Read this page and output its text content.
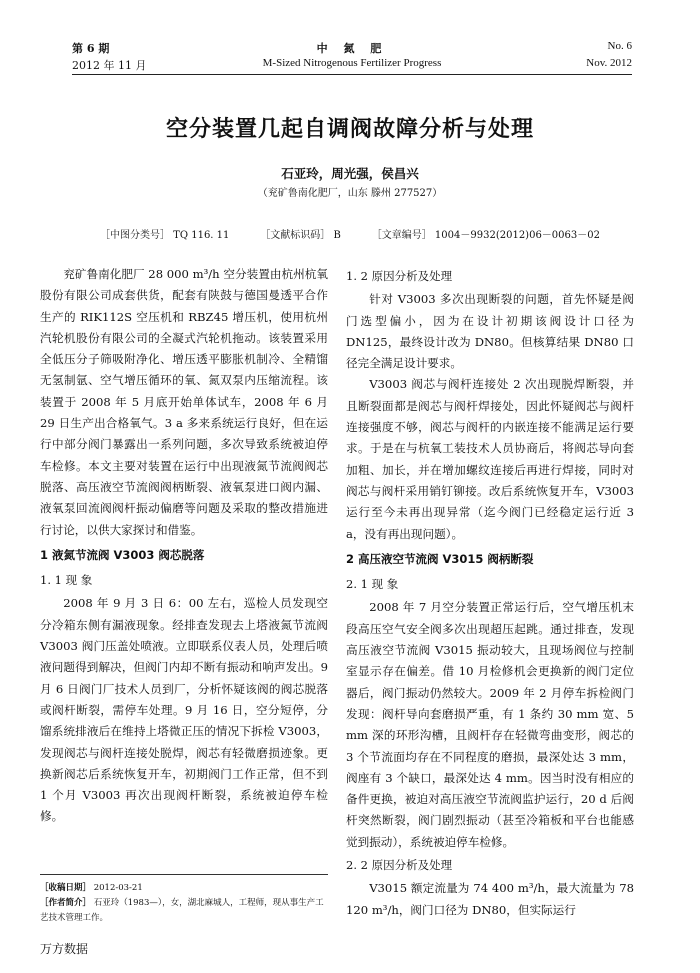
第 6 期
2012 年 11 月
中 氮 肥
M-Sized Nitrogenous Fertilizer Progress
No. 6
Nov. 2012
空分装置几起自调阀故障分析与处理
石亚玲，周光强，侯昌兴
（兖矿鲁南化肥厂，山东 滕州 277527）
［中图分类号］ TQ 116. 11	［文献标识码］ B	［文章编号］ 1004－9932(2012)06－0063－02

兖矿鲁南化肥厂 28 000 m³/h 空分装置由杭州杭氧股份有限公司成套供货，配套有陕鼓与德国曼透平合作生产的 RIK112S 空压机和 RBZ45 增压机，使用杭州汽轮机股份有限公司的全凝式汽轮机拖动。该装置采用全低压分子筛吸附净化、增压透平膨胀机制冷、全精馏无氢制氩、空气增压循环的氧、氮双泵内压缩流程。该装置于 2008 年 5 月底开始单体试车，2008 年 6 月 29 日生产出合格氧气。3 a 多来系统运行良好，但在运行中部分阀门暴露出一系列问题，多次导致系统被迫停车检修。本文主要对装置在运行中出现液氮节流阀阀芯脱落、高压液空节流阀阀柄断裂、液氧泵进口阀内漏、液氧泵回流阀阀杆振动偏磨等问题及采取的整改措施进行讨论，以供大家探讨和借鉴。

1 液氮节流阀 V3003 阀芯脱落
1. 1 现 象

2008 年 9 月 3 日 6：00 左右，巡检人员发现空分冷箱东侧有漏液现象。经排查发现去上塔液氮节流阀 V3003 阀门压盖处喷液。立即联系仪表人员，处理后喷液问题得到解决，但阀门内却不断有振动和响声发出。9 月 6 日阀门厂技术人员到厂，分析怀疑该阀的阀芯脱落或阀杆断裂，需停车处理。9 月 16 日，空分短停，分馏系统排液后在维持上塔微正压的情况下拆检 V3003，发现阀芯与阀杆连接处脱焊，阀芯有轻微磨损迹象。更换新阀芯后系统恢复开车，初期阀门工作正常，但不到 1 个月 V3003 再次出现阀杆断裂，系统被迫停车检修。

1. 2 原因分析及处理

针对 V3003 多次出现断裂的问题，首先怀疑是阀门选型偏小，因为在设计初期该阀设计口径为 DN125，最终设计改为 DN80。但核算结果 DN80 口径完全满足设计要求。

V3003 阀芯与阀杆连接处 2 次出现脱焊断裂，并且断裂面都是阀芯与阀杆焊接处，因此怀疑阀芯与阀杆连接强度不够，阀芯与阀杆的内嵌连接不能满足运行要求。于是在与杭氧工装技术人员协商后，将阀芯导向套加粗、加长，并在增加螺纹连接后再进行焊接，同时对阀芯与阀杆采用销钉铆接。改后系统恢复开车，V3003 运行至今未再出现异常（迄今阀门已经稳定运行近 3 a，没有再出现问题）。

2 高压液空节流阀 V3015 阀柄断裂
2. 1 现 象

2008 年 7 月空分装置正常运行后，空气增压机末段高压空气安全阀多次出现超压起跳。通过排查，发现高压液空节流阀 V3015 振动较大，且现场阀位与控制室显示存在偏差。借 10 月检修机会更换新的阀门定位器后，阀门振动仍然较大。2009 年 2 月停车拆检阀门发现：阀杆导向套磨损严重，有 1 条约 30 mm 宽、5 mm 深的环形沟槽，且阀杆存在轻微弯曲变形，阀芯的 3 个节流面均存在不同程度的磨损，最深处达 3 mm，阀座有 3 个缺口，最深处达 4 mm。因当时没有相应的备件更换，被迫对高压液空节流阀监护运行，20 d 后阀杆突然断裂，阀门剧烈振动（甚至冷箱板和平台也能感觉到振动），系统被迫停车检修。

2. 2 原因分析及处理

V3015 额定流量为 74 400 m³/h，最大流量为 78 120 m³/h，阀门口径为 DN80，但实际运行

［收稿日期］ 2012-03-21
［作者简介］ 石亚玲（1983—），女，湖北麻城人，工程师，现从事生产工艺技术管理工作。
万方数据
